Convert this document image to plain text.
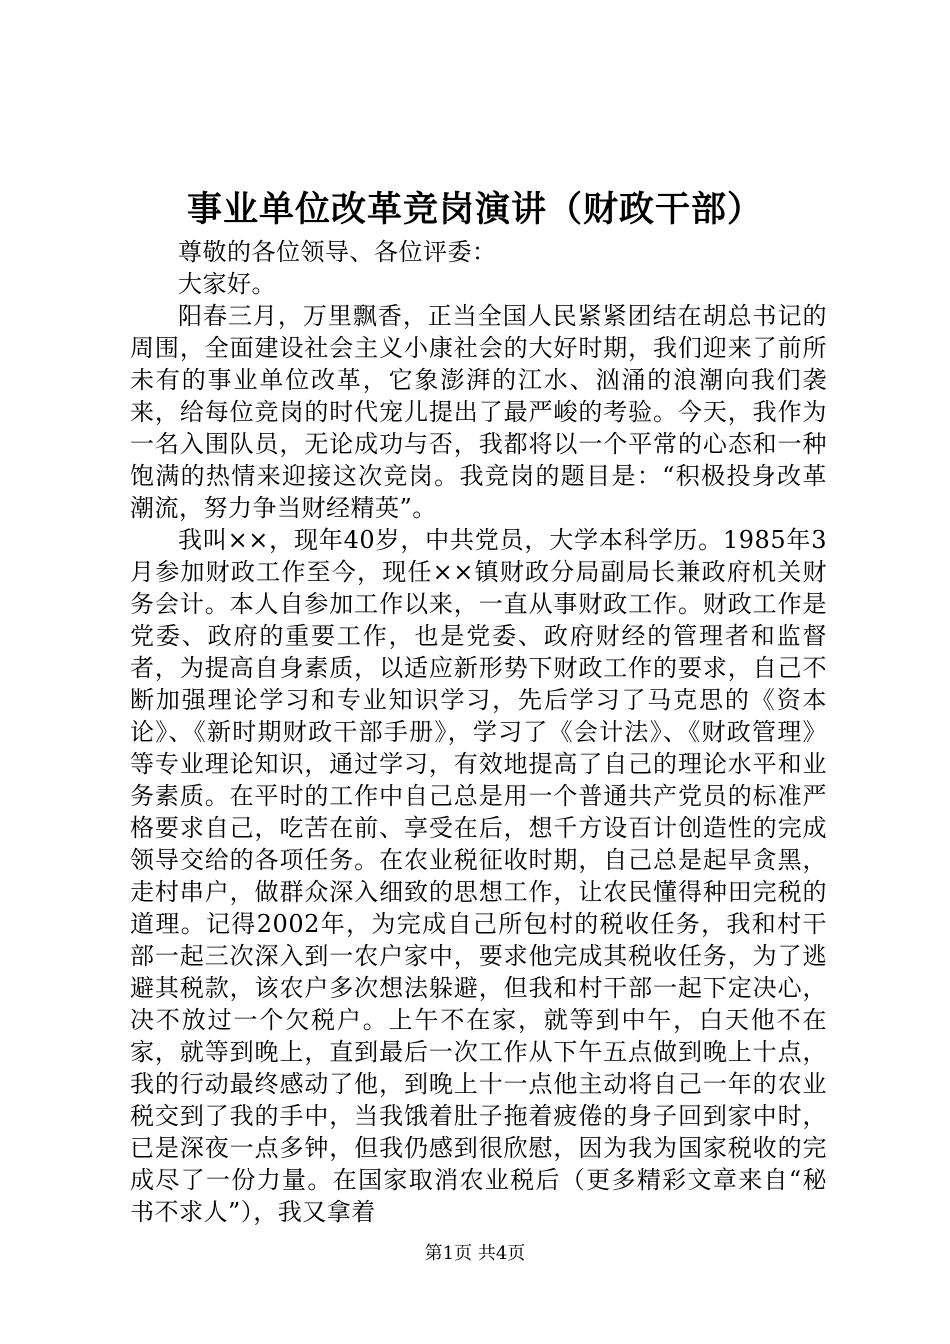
事业单位改革竞岗演讲（财政干部）

尊敬的各位领导、各位评委：

大家好。

阳春三月，万里飘香，正当全国人民紧紧团结在胡总书记的周围，全面建设社会主义小康社会的大好时期，我们迎来了前所未有的事业单位改革，它象澎湃的江水、汹涌的浪潮向我们袭来，给每位竞岗的时代宠儿提出了最严峻的考验。今天，我作为一名入围队员，无论成功与否，我都将以一个平常的心态和一种饱满的热情来迎接这次竞岗。我竞岗的题目是：“积极投身改革潮流，努力争当财经精英”。

我叫××，现年40岁，中共党员，大学本科学历。1985年3月参加财政工作至今，现任××镇财政分局副局长兼政府机关财务会计。本人自参加工作以来，一直从事财政工作。财政工作是党委、政府的重要工作，也是党委、政府财经的管理者和监督者，为提高自身素质，以适应新形势下财政工作的要求，自己不断加强理论学习和专业知识学习，先后学习了马克思的《资本论》、《新时期财政干部手册》，学习了《会计法》、《财政管理》等专业理论知识，通过学习，有效地提高了自己的理论水平和业务素质。在平时的工作中自己总是用一个普通共产党员的标准严格要求自己，吃苦在前、享受在后，想千方设百计创造性的完成领导交给的各项任务。在农业税征收时期，自己总是起早贪黑，走村串户，做群众深入细致的思想工作，让农民懂得种田完税的道理。记得2002年，为完成自己所包村的税收任务，我和村干部一起三次深入到一农户家中，要求他完成其税收任务，为了逃避其税款，该农户多次想法躲避，但我和村干部一起下定决心，决不放过一个欠税户。上午不在家，就等到中午，白天他不在家，就等到晚上，直到最后一次工作从下午五点做到晚上十点，我的行动最终感动了他，到晚上十一点他主动将自己一年的农业税交到了我的手中，当我饿着肚子拖着疲倦的身子回到家中时，已是深夜一点多钟，但我仍感到很欣慰，因为我为国家税收的完成尽了一份力量。在国家取消农业税后（更多精彩文章来自“秘书不求人”），我又拿着

第1页 共4页
